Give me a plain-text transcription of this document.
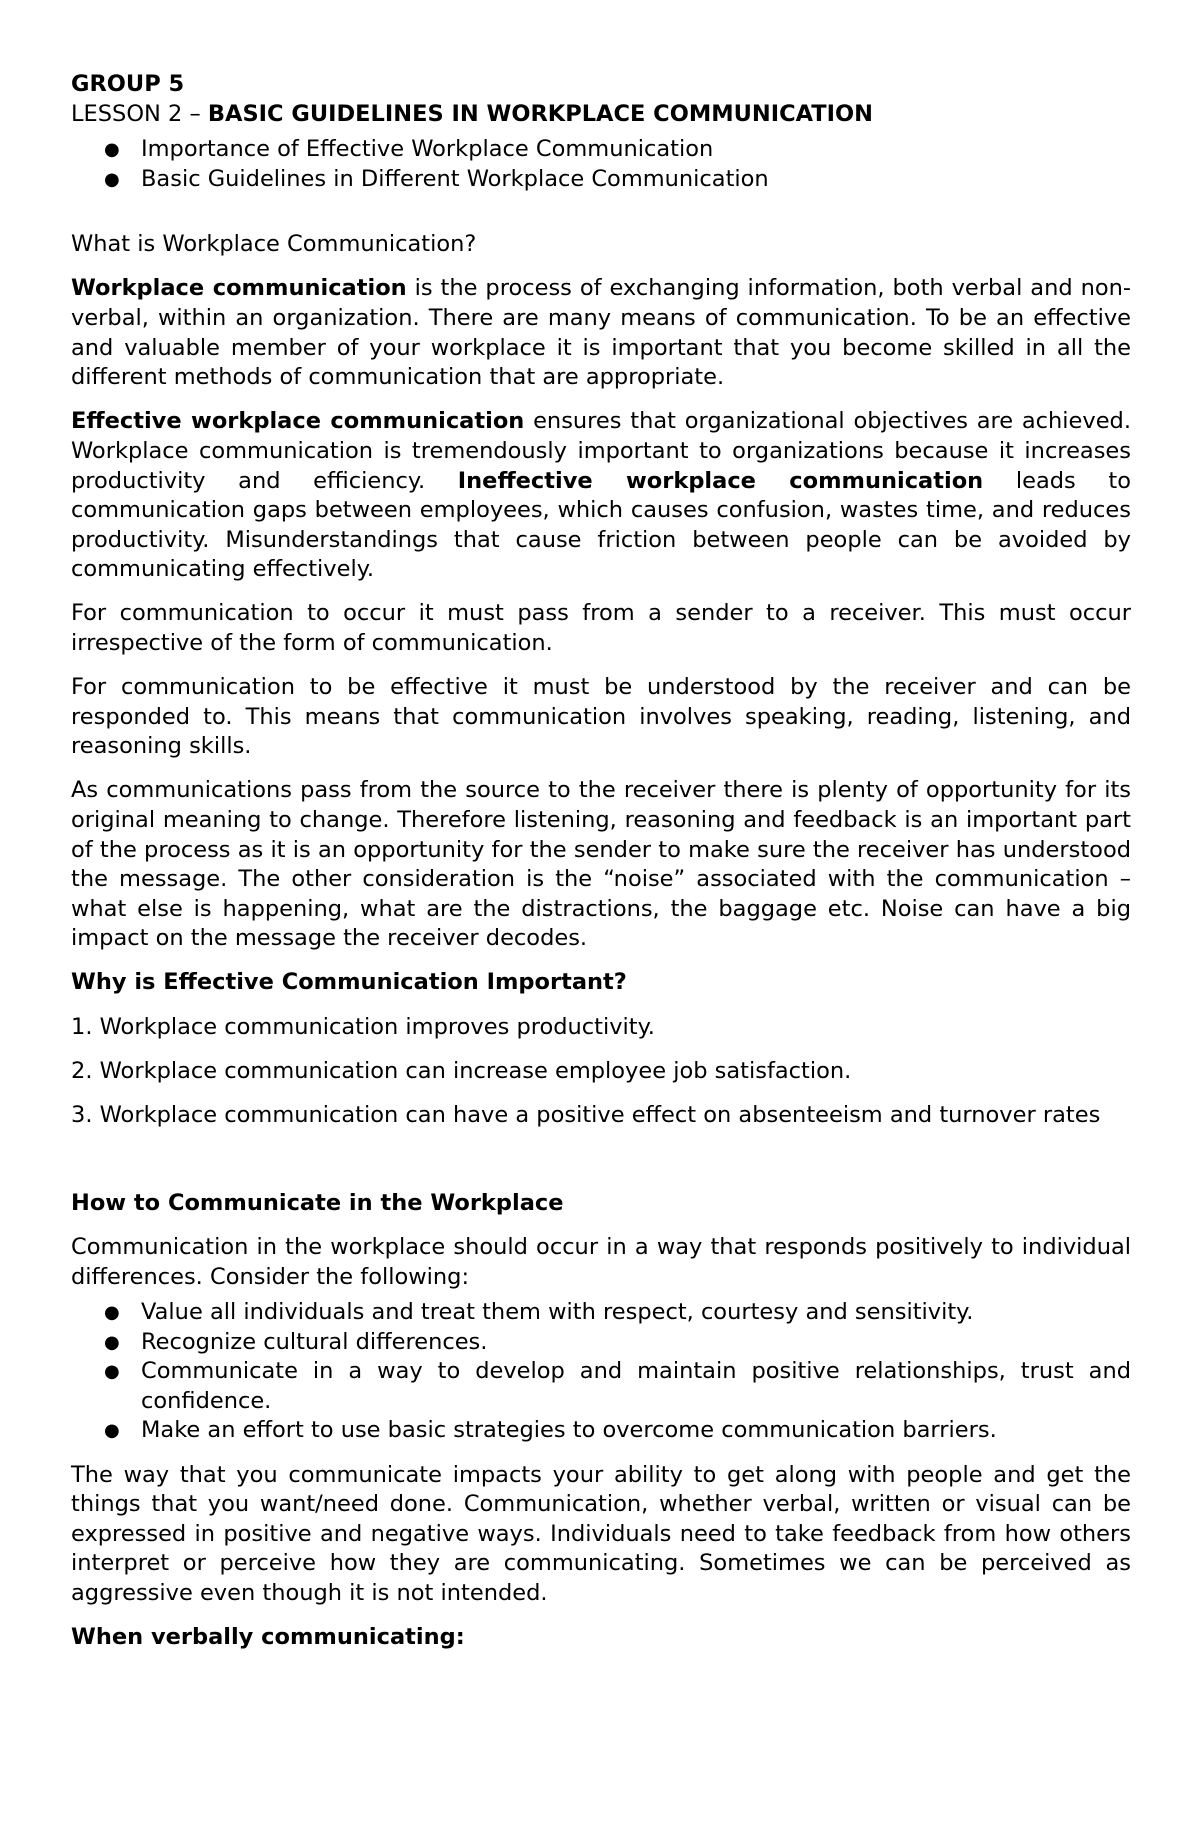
GROUP 5

LESSON 2 – BASIC GUIDELINES IN WORKPLACE COMMUNICATION

● Importance of Effective Workplace Communication
● Basic Guidelines in Different Workplace Communication

What is Workplace Communication?

Workplace communication is the process of exchanging information, both verbal and non-verbal, within an organization. There are many means of communication. To be an effective and valuable member of your workplace it is important that you become skilled in all the different methods of communication that are appropriate.

Effective workplace communication ensures that organizational objectives are achieved. Workplace communication is tremendously important to organizations because it increases productivity and efficiency. Ineffective workplace communication leads to communication gaps between employees, which causes confusion, wastes time, and reduces productivity. Misunderstandings that cause friction between people can be avoided by communicating effectively.

For communication to occur it must pass from a sender to a receiver. This must occur irrespective of the form of communication.

For communication to be effective it must be understood by the receiver and can be responded to. This means that communication involves speaking, reading, listening, and reasoning skills.

As communications pass from the source to the receiver there is plenty of opportunity for its original meaning to change. Therefore listening, reasoning and feedback is an important part of the process as it is an opportunity for the sender to make sure the receiver has understood the message. The other consideration is the “noise” associated with the communication – what else is happening, what are the distractions, the baggage etc. Noise can have a big impact on the message the receiver decodes.

Why is Effective Communication Important?

1. Workplace communication improves productivity.

2. Workplace communication can increase employee job satisfaction.

3. Workplace communication can have a positive effect on absenteeism and turnover rates

How to Communicate in the Workplace

Communication in the workplace should occur in a way that responds positively to individual differences. Consider the following:

● Value all individuals and treat them with respect, courtesy and sensitivity.
● Recognize cultural differences.
● Communicate in a way to develop and maintain positive relationships, trust and confidence.
● Make an effort to use basic strategies to overcome communication barriers.

The way that you communicate impacts your ability to get along with people and get the things that you want/need done. Communication, whether verbal, written or visual can be expressed in positive and negative ways. Individuals need to take feedback from how others interpret or perceive how they are communicating. Sometimes we can be perceived as aggressive even though it is not intended.

When verbally communicating:
